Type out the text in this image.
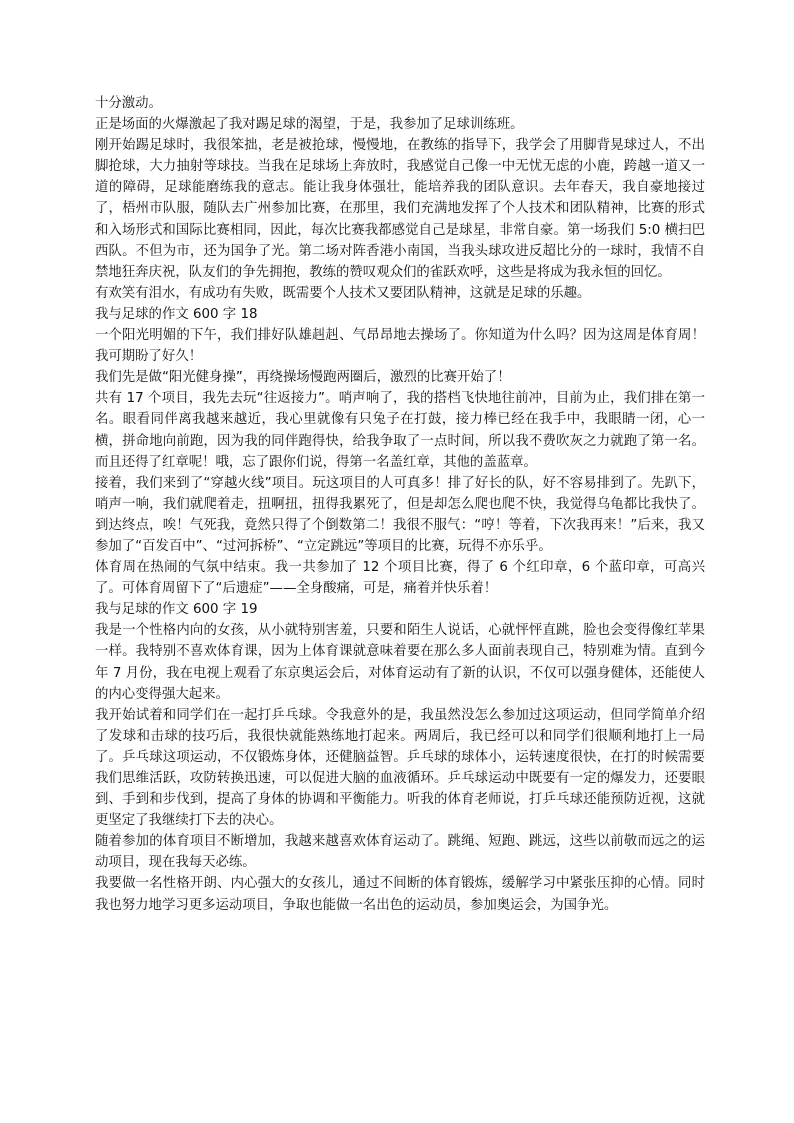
十分激动。

正是场面的火爆激起了我对踢足球的渴望，于是，我参加了足球训练班。

刚开始踢足球时，我很笨拙，老是被抢球，慢慢地，在教练的指导下，我学会了用脚背晃球过人，不出脚抢球，大力抽射等球技。当我在足球场上奔放时，我感觉自己像一中无忧无虑的小鹿，跨越一道又一道的障碍，足球能磨练我的意志。能让我身体强壮，能培养我的团队意识。去年春天，我自豪地接过了，梧州市队服，随队去广州参加比赛，在那里，我们充满地发挥了个人技术和团队精神，比赛的形式和入场形式和国际比赛相同，因此，每次比赛我都感觉自己是球星，非常自豪。第一场我们 5:0 横扫巴西队。不但为市，还为国争了光。第二场对阵香港小南国，当我头球攻进反超比分的一球时，我情不自禁地狂奔庆祝，队友们的争先拥抱，教练的赞叹观众们的雀跃欢呼，这些是将成为我永恒的回忆。

有欢笑有泪水，有成功有失败，既需要个人技术又要团队精神，这就是足球的乐趣。

我与足球的作文 600 字 18

一个阳光明媚的下午，我们排好队雄赳赳、气昂昂地去操场了。你知道为什么吗？因为这周是体育周！我可期盼了好久！

我们先是做“阳光健身操”，再绕操场慢跑两圈后，激烈的比赛开始了！

共有 17 个项目，我先去玩“往返接力”。哨声响了，我的搭档飞快地往前冲，目前为止，我们排在第一名。眼看同伴离我越来越近，我心里就像有只兔子在打鼓，接力棒已经在我手中，我眼睛一闭，心一横，拼命地向前跑，因为我的同伴跑得快，给我争取了一点时间，所以我不费吹灰之力就跑了第一名。而且还得了红章呢！哦，忘了跟你们说，得第一名盖红章，其他的盖蓝章。

接着，我们来到了“穿越火线”项目。玩这项目的人可真多！排了好长的队，好不容易排到了。先趴下，哨声一响，我们就爬着走，扭啊扭，扭得我累死了，但是却怎么爬也爬不快，我觉得乌龟都比我快了。到达终点，唉！气死我，竟然只得了个倒数第二！我很不服气：“哼！等着，下次我再来！”后来，我又参加了“百发百中”、“过河拆桥”、“立定跳远”等项目的比赛，玩得不亦乐乎。

体育周在热闹的气氛中结束。我一共参加了 12 个项目比赛，得了 6 个红印章，6 个蓝印章，可高兴了。可体育周留下了“后遗症”——全身酸痛，可是，痛着并快乐着！

我与足球的作文 600 字 19

我是一个性格内向的女孩，从小就特别害羞，只要和陌生人说话，心就怦怦直跳，脸也会变得像红苹果一样。我特别不喜欢体育课，因为上体育课就意味着要在那么多人面前表现自己，特别难为情。直到今年 7 月份，我在电视上观看了东京奥运会后，对体育运动有了新的认识，不仅可以强身健体，还能使人的内心变得强大起来。

我开始试着和同学们在一起打乒乓球。令我意外的是，我虽然没怎么参加过这项运动，但同学简单介绍了发球和击球的技巧后，我很快就能熟练地打起来。两周后，我已经可以和同学们很顺利地打上一局了。乒乓球这项运动，不仅锻炼身体，还健脑益智。乒乓球的球体小，运转速度很快，在打的时候需要我们思维活跃，攻防转换迅速，可以促进大脑的血液循环。乒乓球运动中既要有一定的爆发力，还要眼到、手到和步伐到，提高了身体的协调和平衡能力。听我的体育老师说，打乒乓球还能预防近视，这就更坚定了我继续打下去的决心。

随着参加的体育项目不断增加，我越来越喜欢体育运动了。跳绳、短跑、跳远，这些以前敬而远之的运动项目，现在我每天必练。

我要做一名性格开朗、内心强大的女孩儿，通过不间断的体育锻炼，缓解学习中紧张压抑的心情。同时我也努力地学习更多运动项目，争取也能做一名出色的运动员，参加奥运会，为国争光。
